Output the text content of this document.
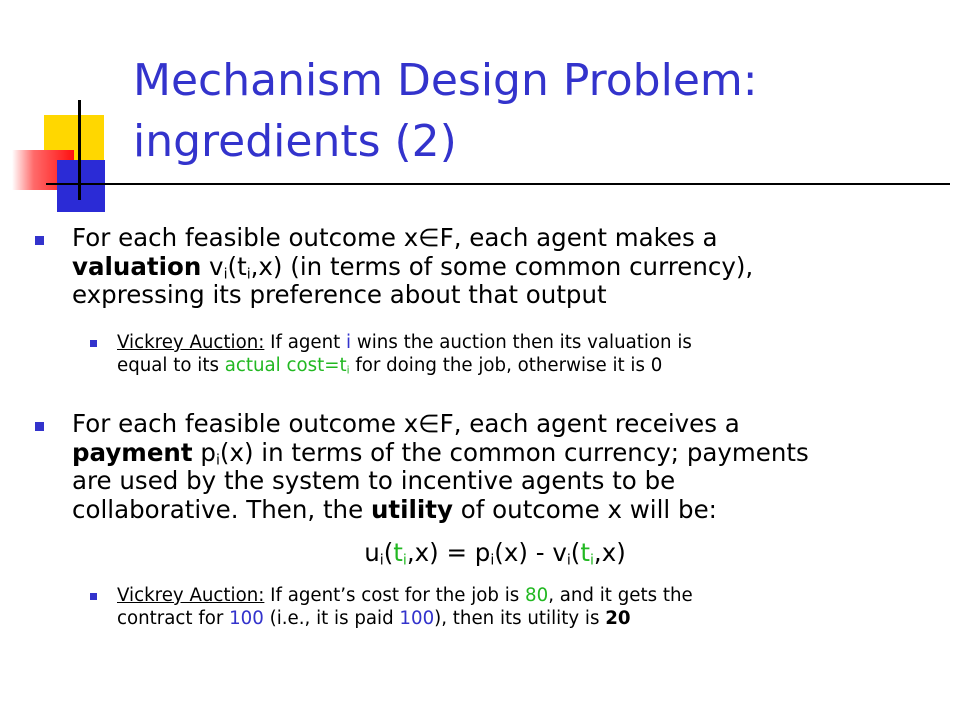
Mechanism Design Problem:
ingredients (2)
For each feasible outcome x∈F, each agent makes a
valuation $v_i(t_i,x)$ (in terms of some common currency),
expressing its preference about that output
Vickrey Auction: If agent i wins the auction then its valuation is
equal to its actual $\cos t=t_i$ for doing the job, otherwise it is 0
For each feasible outcome x∈F, each agent receives a
payment $p_i(x)$ in terms of the common currency; payments
are used by the system to incentive agents to be
collaborative. Then, the utility of outcome x will be:
$u_i(t_i,x) = p_i(x) - v_i(t_i,x)$
Vickrey Auction: If agent’s cost for the job is 80, and it gets the
contract for 100 (i.e., it is paid 100), then its utility is 20
